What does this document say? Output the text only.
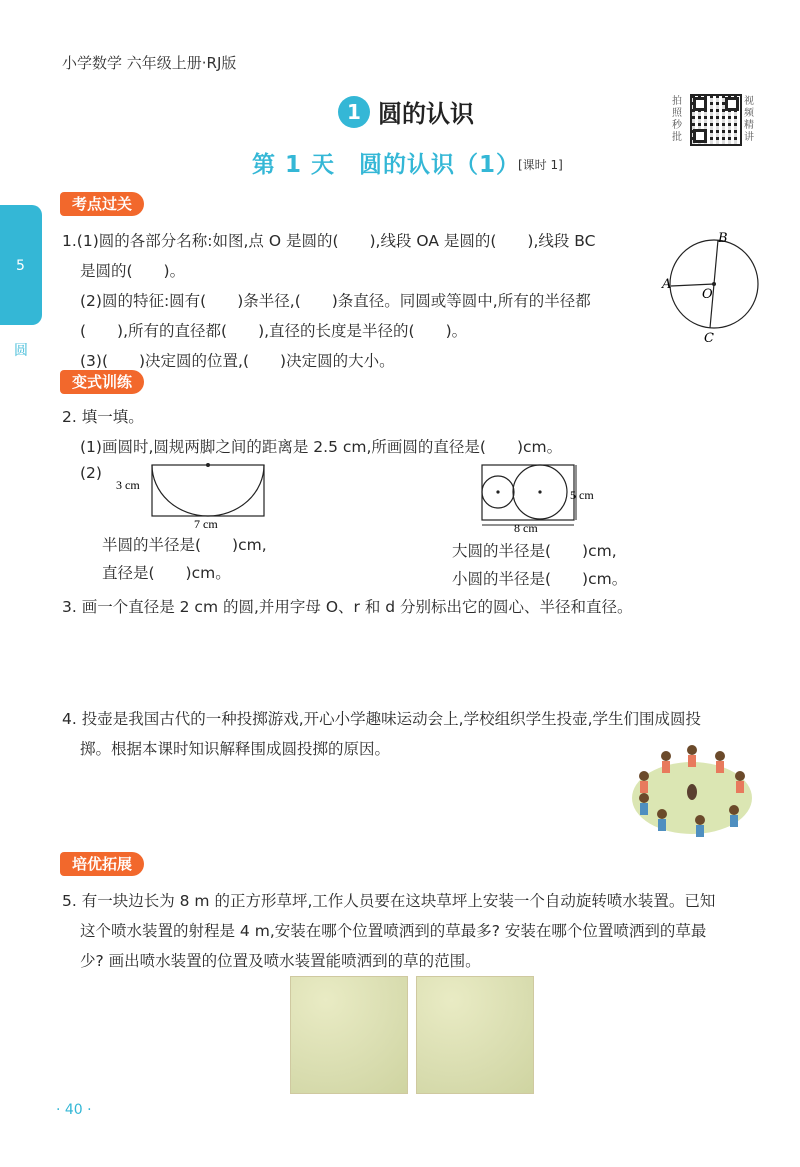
小学数学 六年级上册·RJ版
1 圆的认识
第 1 天　圆的认识（1）
[课时 1]
拍照秒批
视频精讲
5
圆
考点过关
1.(1)圆的各部分名称:如图,点 O 是圆的(　　),线段 OA 是圆的(　　),线段 BC
是圆的(　　)。
(2)圆的特征:圆有(　　)条半径,(　　)条直径。同圆或等圆中,所有的半径都
(　　),所有的直径都(　　),直径的长度是半径的(　　)。
(3)(　　)决定圆的位置,(　　)决定圆的大小。
B
A
C
O
变式训练
2. 填一填。
(1)画圆时,圆规两脚之间的距离是 2.5 cm,所画圆的直径是(　　)cm。
(2)
3 cm
7 cm
5 cm
8 cm
半圆的半径是(　　)cm,
直径是(　　)cm。
大圆的半径是(　　)cm,
小圆的半径是(　　)cm。
3. 画一个直径是 2 cm 的圆,并用字母 O、r 和 d 分别标出它的圆心、半径和直径。
4. 投壶是我国古代的一种投掷游戏,开心小学趣味运动会上,学校组织学生投壶,学生们围成圆投
掷。根据本课时知识解释围成圆投掷的原因。
培优拓展
5. 有一块边长为 8 m 的正方形草坪,工作人员要在这块草坪上安装一个自动旋转喷水装置。已知
这个喷水装置的射程是 4 m,安装在哪个位置喷洒到的草最多? 安装在哪个位置喷洒到的草最
少? 画出喷水装置的位置及喷水装置能喷洒到的草的范围。
· 40 ·
